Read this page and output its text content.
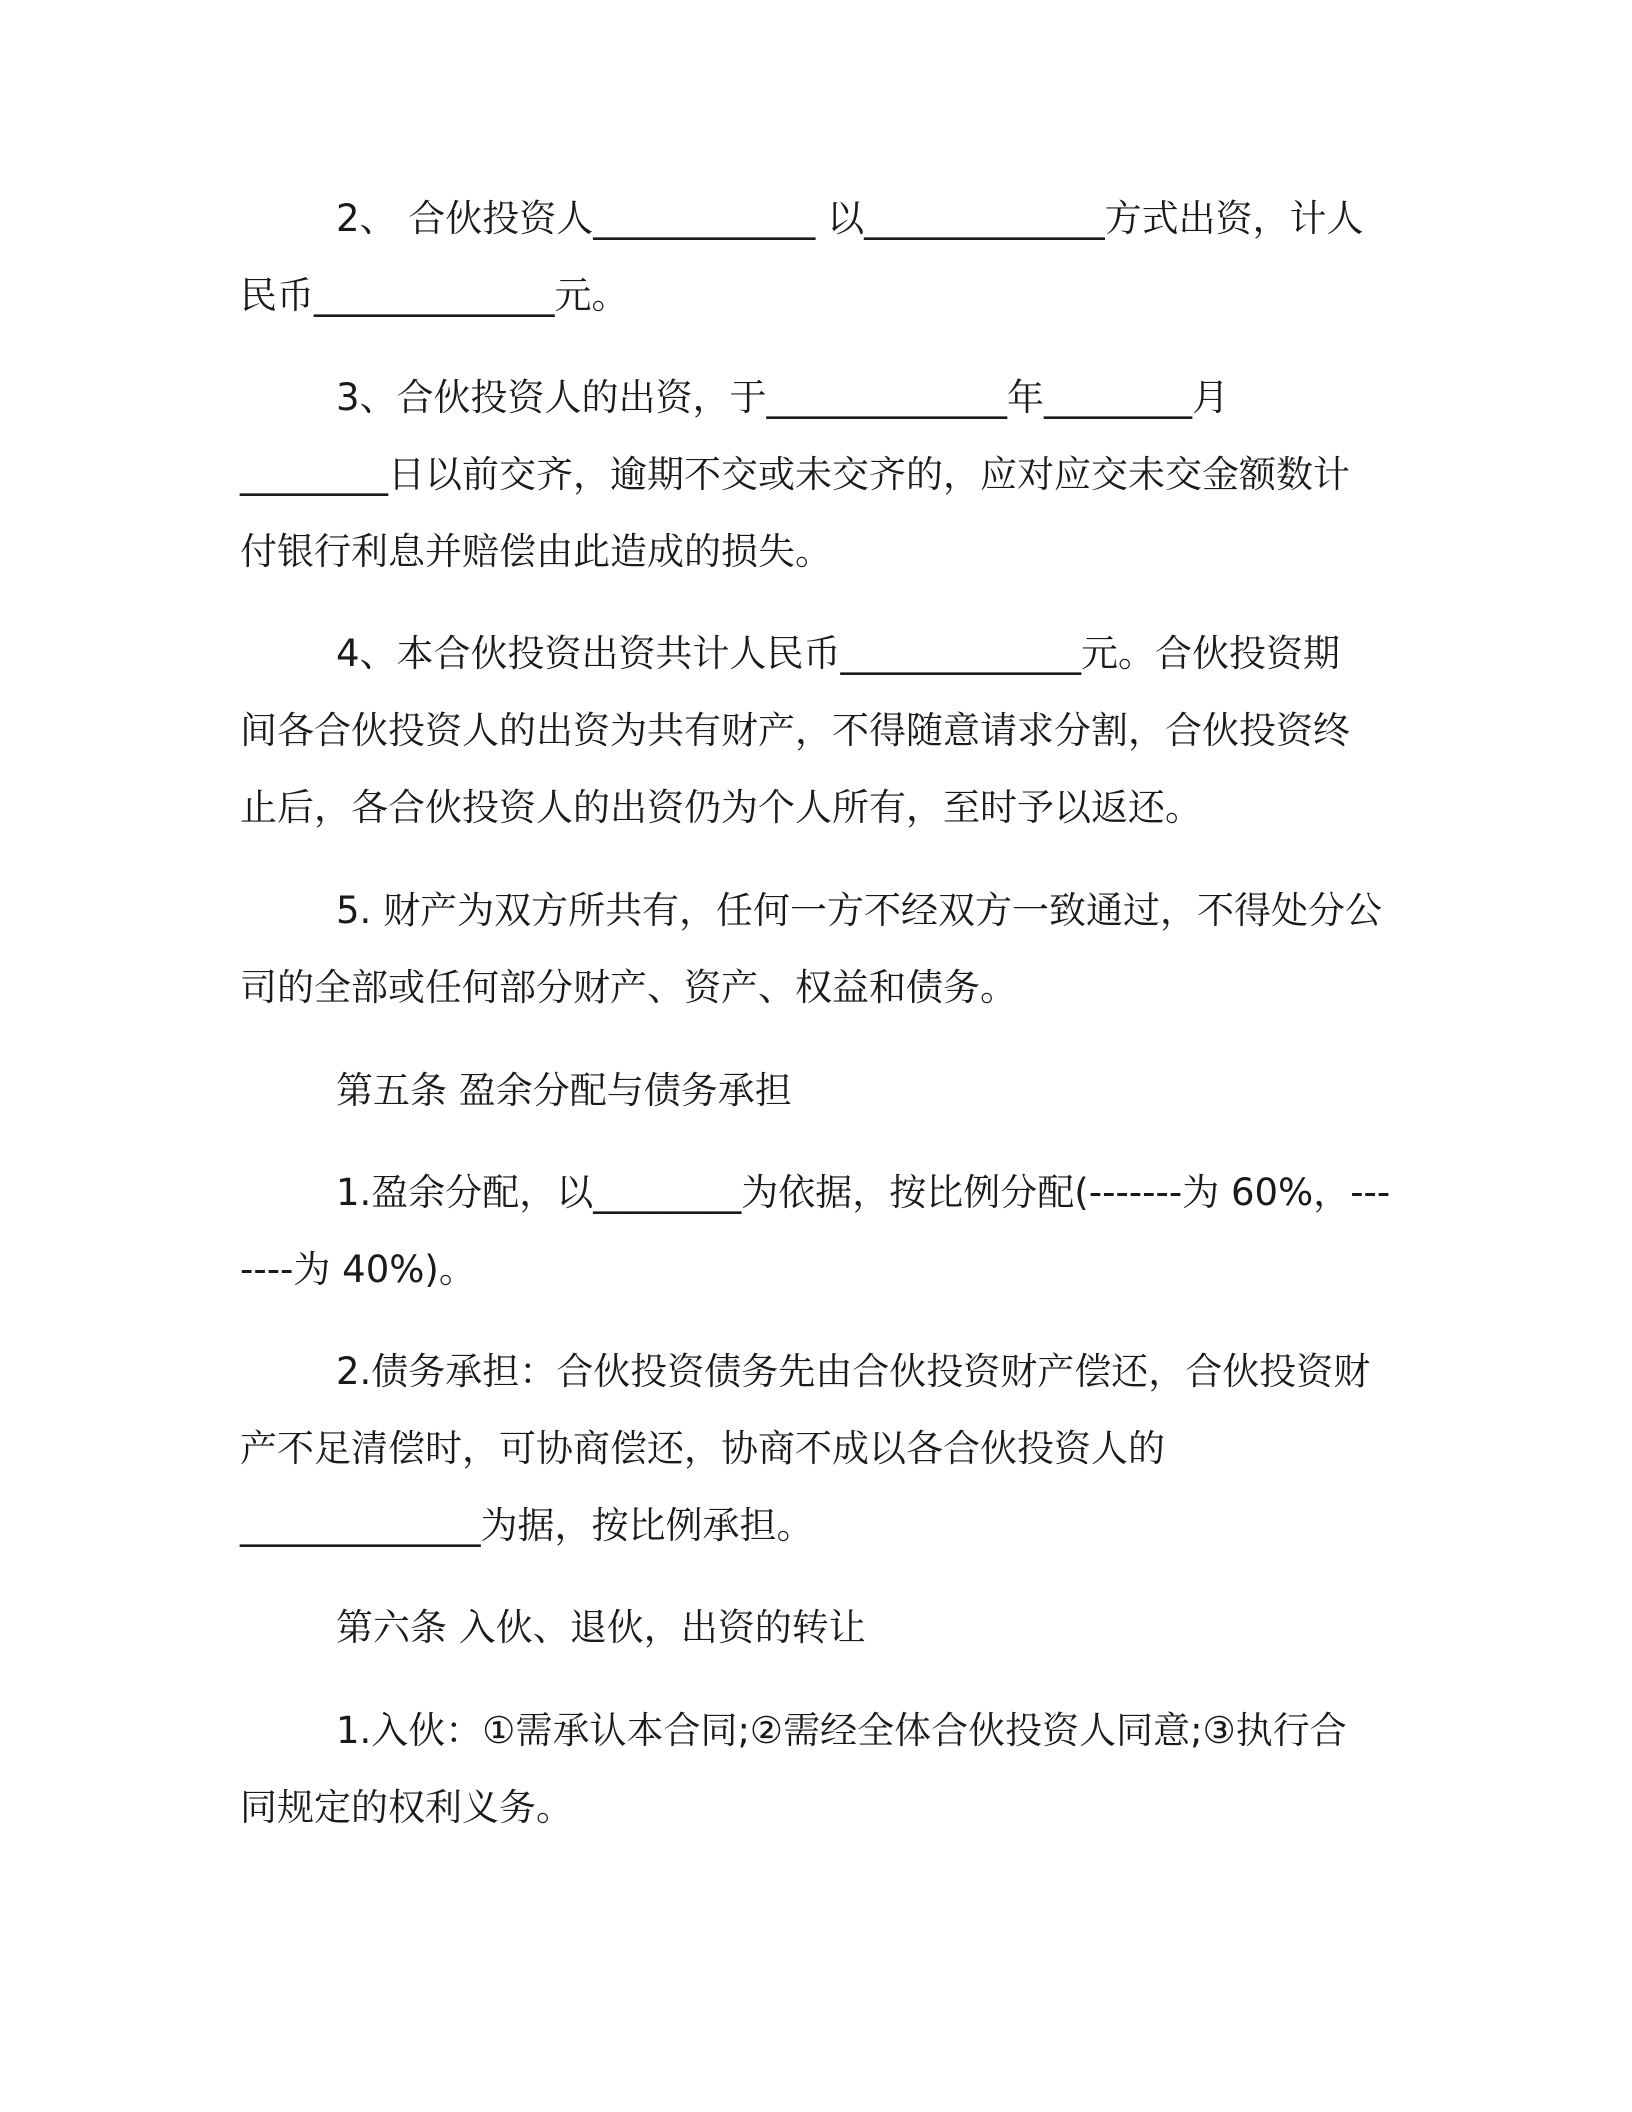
2、 合伙投资人____________ 以_____________方式出资，计人
民币_____________元。
3、合伙投资人的出资，于_____________年________月
________日以前交齐，逾期不交或未交齐的，应对应交未交金额数计
付银行利息并赔偿由此造成的损失。
4、本合伙投资出资共计人民币_____________元。合伙投资期
间各合伙投资人的出资为共有财产，不得随意请求分割，合伙投资终
止后，各合伙投资人的出资仍为个人所有，至时予以返还。
5. 财产为双方所共有，任何一方不经双方一致通过，不得处分公
司的全部或任何部分财产、资产、权益和债务。
第五条 盈余分配与债务承担
1.盈余分配，以________为依据，按比例分配(-------为 60%，---
----为 40%)。
2.债务承担：合伙投资债务先由合伙投资财产偿还，合伙投资财
产不足清偿时，可协商偿还，协商不成以各合伙投资人的
_____________为据，按比例承担。
第六条 入伙、退伙，出资的转让
1.入伙：①需承认本合同;②需经全体合伙投资人同意;③执行合
同规定的权利义务。
